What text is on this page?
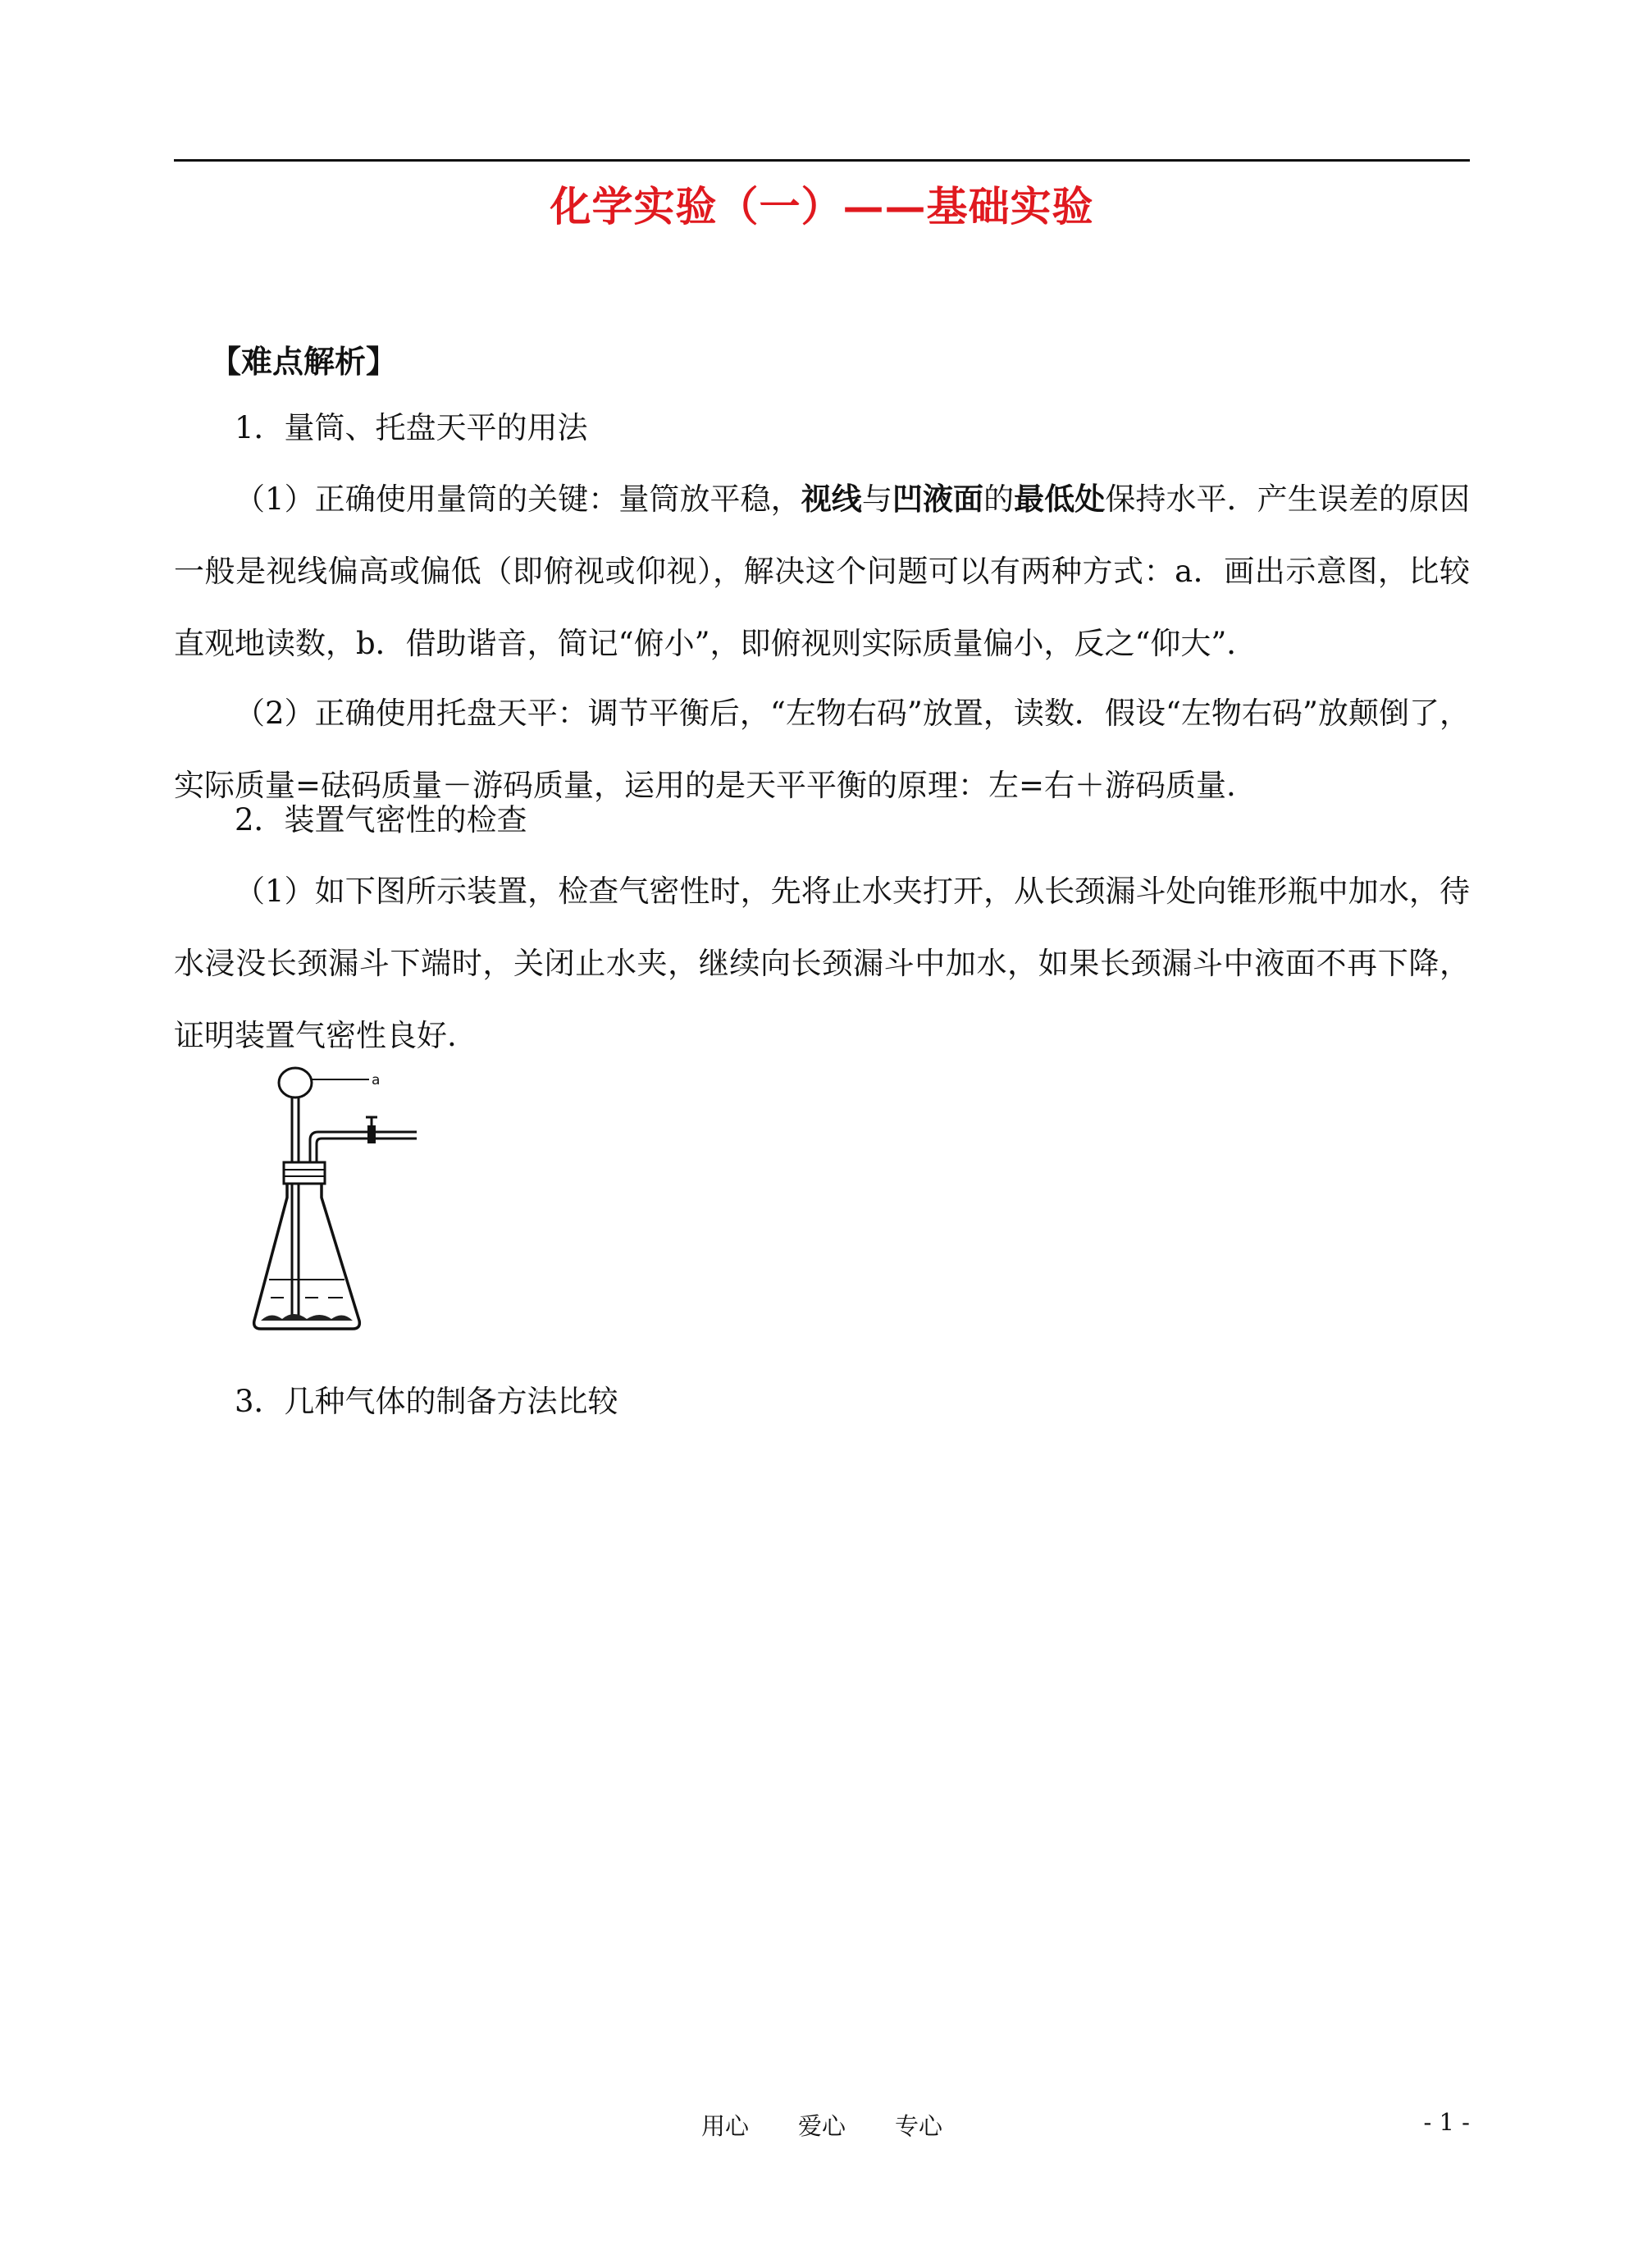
化学实验（一）——基础实验
【难点解析】

1．量筒、托盘天平的用法

（1）正确使用量筒的关键：量筒放平稳，视线与凹液面的最低处保持水平．产生误差的原因一般是视线偏高或偏低（即俯视或仰视），解决这个问题可以有两种方式：a．画出示意图，比较直观地读数，b．借助谐音，简记“俯小”，即俯视则实际质量偏小，反之“仰大”．

（2）正确使用托盘天平：调节平衡后，“左物右码”放置，读数．假设“左物右码”放颠倒了，实际质量=砝码质量－游码质量，运用的是天平平衡的原理：左=右＋游码质量.

2．装置气密性的检查

（1）如下图所示装置，检查气密性时，先将止水夹打开，从长颈漏斗处向锥形瓶中加水，待水浸没长颈漏斗下端时，关闭止水夹，继续向长颈漏斗中加水，如果长颈漏斗中液面不再下降，证明装置气密性良好.

a

3．几种气体的制备方法比较

用心 爱心 专心	- 1 -
